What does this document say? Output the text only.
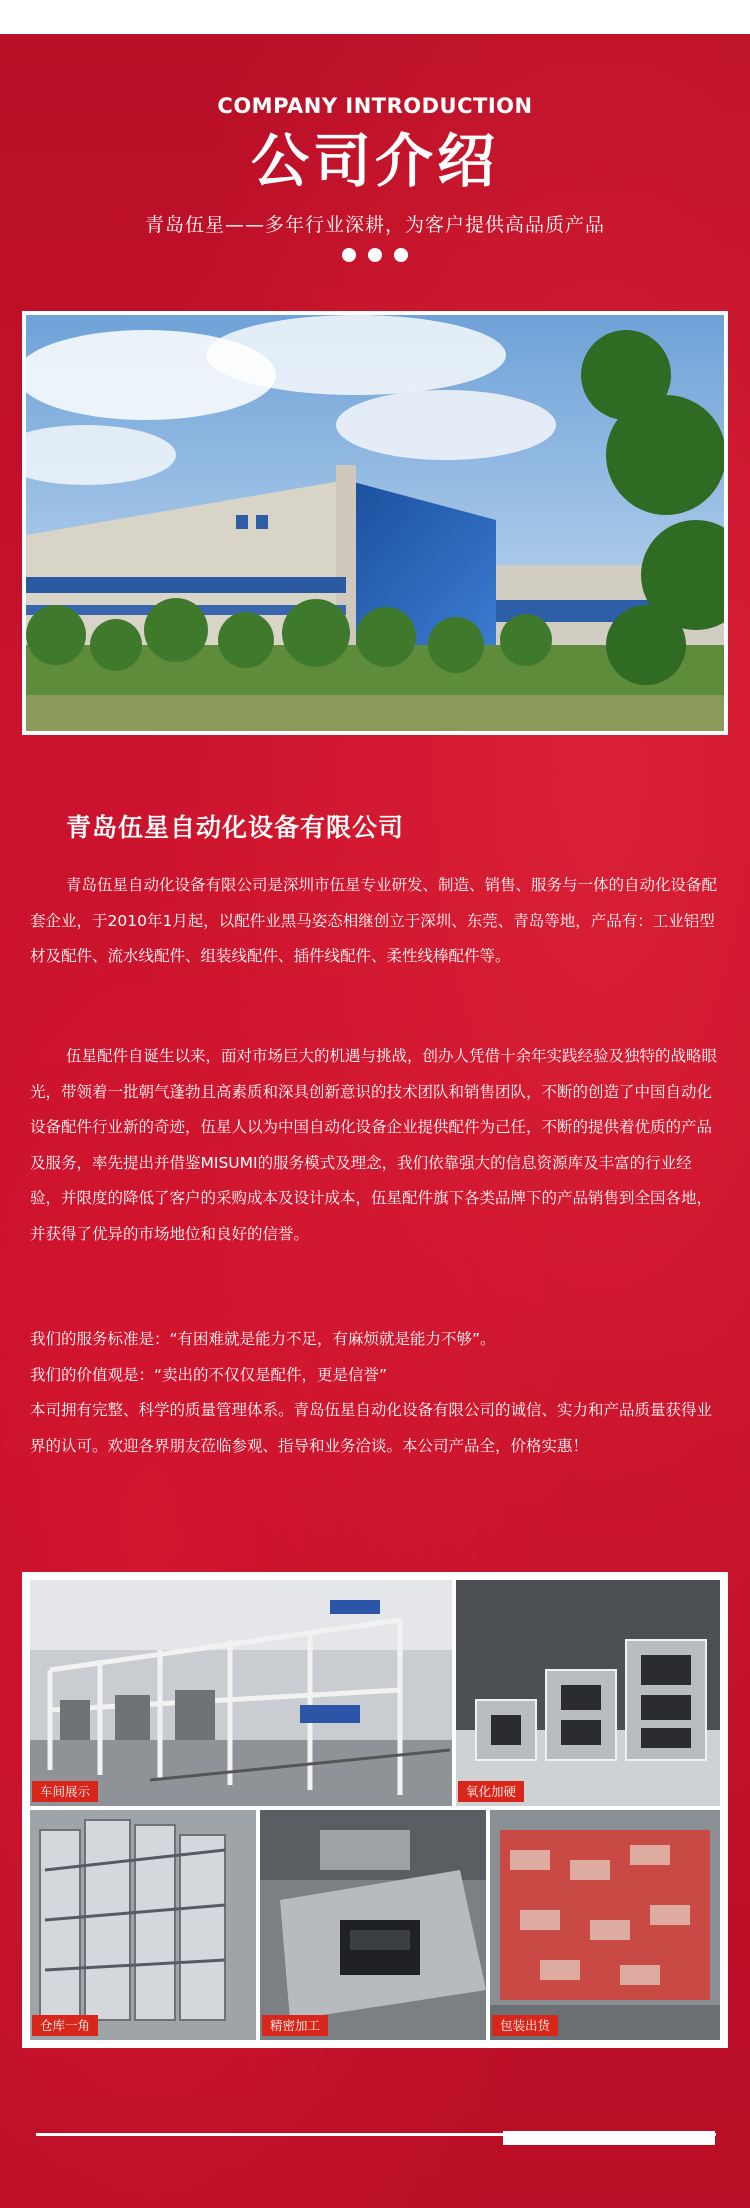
COMPANY INTRODUCTION
公司介绍
青岛伍星——多年行业深耕，为客户提供高品质产品
青岛伍星自动化设备有限公司

青岛伍星自动化设备有限公司是深圳市伍星专业研发、制造、销售、服务与一体的自动化设备配套企业，于2010年1月起，以配件业黑马姿态相继创立于深圳、东莞、青岛等地，产品有：工业铝型材及配件、流水线配件、组装线配件、插件线配件、柔性线棒配件等。

伍星配件自诞生以来，面对市场巨大的机遇与挑战，创办人凭借十余年实践经验及独特的战略眼光，带领着一批朝气蓬勃且高素质和深具创新意识的技术团队和销售团队，不断的创造了中国自动化设备配件行业新的奇迹，伍星人以为中国自动化设备企业提供配件为己任，不断的提供着优质的产品及服务，率先提出并借鉴MISUMI的服务模式及理念，我们依靠强大的信息资源库及丰富的行业经验，并限度的降低了客户的采购成本及设计成本，伍星配件旗下各类品牌下的产品销售到全国各地，并获得了优异的市场地位和良好的信誉。

我们的服务标准是：“有困难就是能力不足，有麻烦就是能力不够”。

我们的价值观是：“卖出的不仅仅是配件，更是信誉”

本司拥有完整、科学的质量管理体系。青岛伍星自动化设备有限公司的诚信、实力和产品质量获得业界的认可。欢迎各界朋友莅临参观、指导和业务洽谈。本公司产品全，价格实惠！

车间展示	氧化加硬
仓库一角	精密加工	包装出货
